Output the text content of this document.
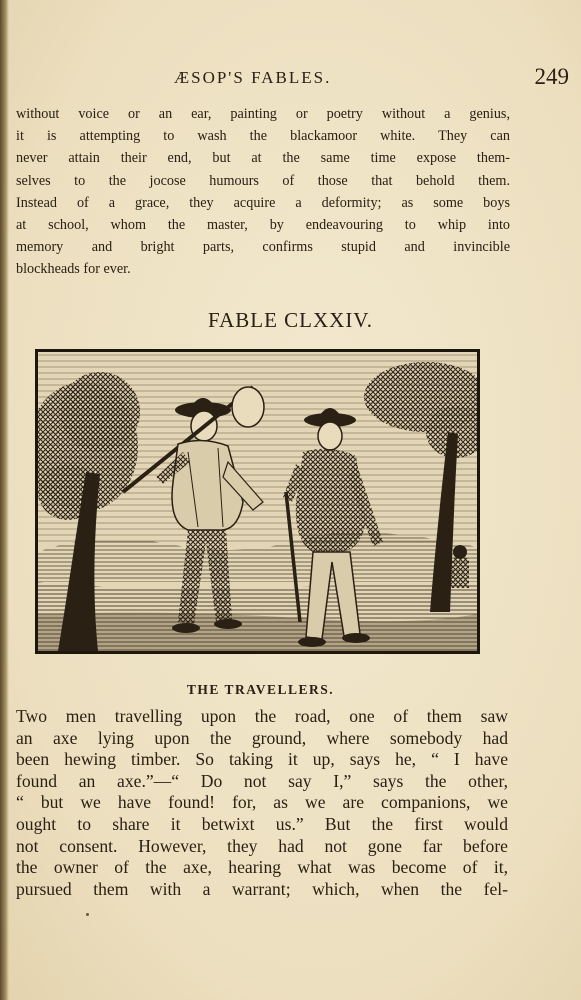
ÆSOP'S FABLES.	249
without voice or an ear, painting or poetry without a genius,
it is attempting to wash the blackamoor white. They can
never attain their end, but at the same time expose them-
selves to the jocose humours of those that behold them.
Instead of a grace, they acquire a deformity; as some boys
at school, whom the master, by endeavouring to whip into
memory and bright parts, confirms stupid and invincible
blockheads for ever.
FABLE CLXXIV.
THE TRAVELLERS.
Two men travelling upon the road, one of them saw
an axe lying upon the ground, where somebody had
been hewing timber. So taking it up, says he, “ I have
found an axe.”—“ Do not say I,” says the other,
“ but we have found! for, as we are companions, we
ought to share it betwixt us.” But the first would
not consent. However, they had not gone far before
the owner of the axe, hearing what was become of it,
pursued them with a warrant; which, when the fel-
